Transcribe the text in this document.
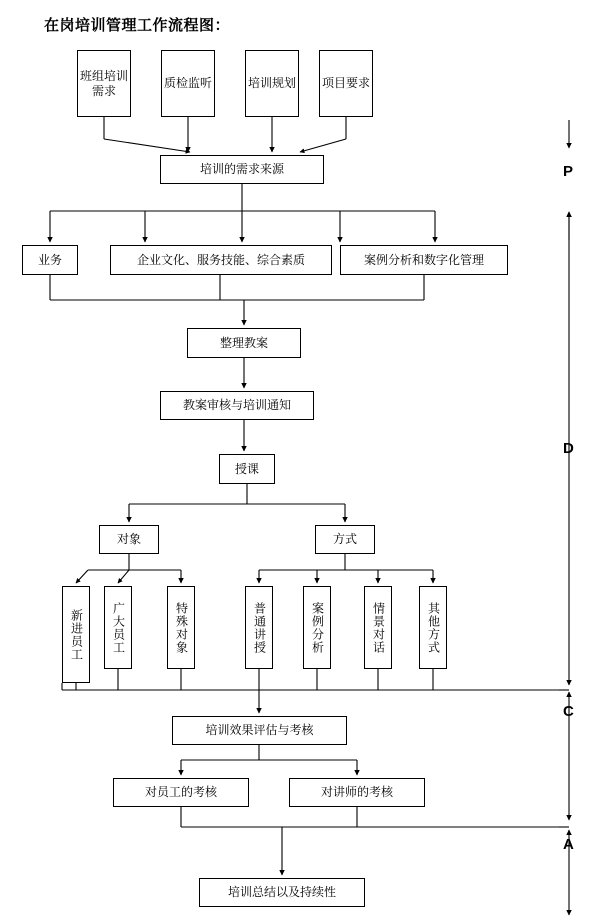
在岗培训管理工作流程图：
班组培训需求
质检监听	培训规划 项目要求
培训的需求来源
业务	企业文化、服务技能、综合素质	案例分析和数字化管理
整理教案
教案审核与培训通知
授课
对象	方式
新进员工 广大员工	特殊对象	普通讲授	案例分析	情景对话	其他方式
培训效果评估与考核
对员工的考核	对讲师的考核
培训总结以及持续性
P
D
C
A
